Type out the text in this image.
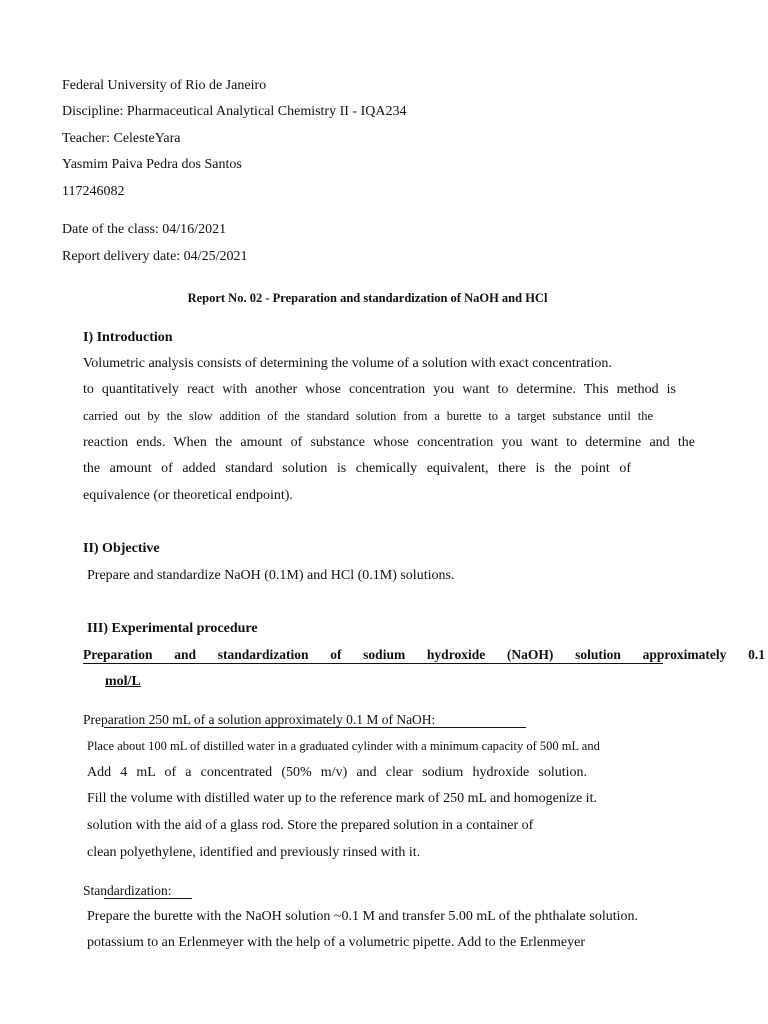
Federal University of Rio de Janeiro
Discipline: Pharmaceutical Analytical Chemistry II - IQA234
Teacher: CelesteYara
Yasmim Paiva Pedra dos Santos
117246082
Date of the class: 04/16/2021
Report delivery date: 04/25/2021
Report No. 02 - Preparation and standardization of NaOH and HCl
I) Introduction
Volumetric analysis consists of determining the volume of a solution with exact concentration.
to quantitatively react with another whose concentration you want to determine. This method is
carried out by the slow addition of the standard solution from a burette to a target substance until the
reaction ends. When the amount of substance whose concentration you want to determine and the
the amount of added standard solution is chemically equivalent, there is the point of
equivalence (or theoretical endpoint).
II) Objective
Prepare and standardize NaOH (0.1M) and HCl (0.1M) solutions.
III) Experimental procedure
Preparation and standardization of sodium hydroxide (NaOH) solution approximately 0.1
mol/L
Preparation 250 mL of a solution approximately 0.1 M of NaOH:
Place about 100 mL of distilled water in a graduated cylinder with a minimum capacity of 500 mL and
Add 4 mL of a concentrated (50% m/v) and clear sodium hydroxide solution.
Fill the volume with distilled water up to the reference mark of 250 mL and homogenize it.
solution with the aid of a glass rod. Store the prepared solution in a container of
clean polyethylene, identified and previously rinsed with it.
Standardization:
Prepare the burette with the NaOH solution ~0.1 M and transfer 5.00 mL of the phthalate solution.
potassium to an Erlenmeyer with the help of a volumetric pipette. Add to the Erlenmeyer
